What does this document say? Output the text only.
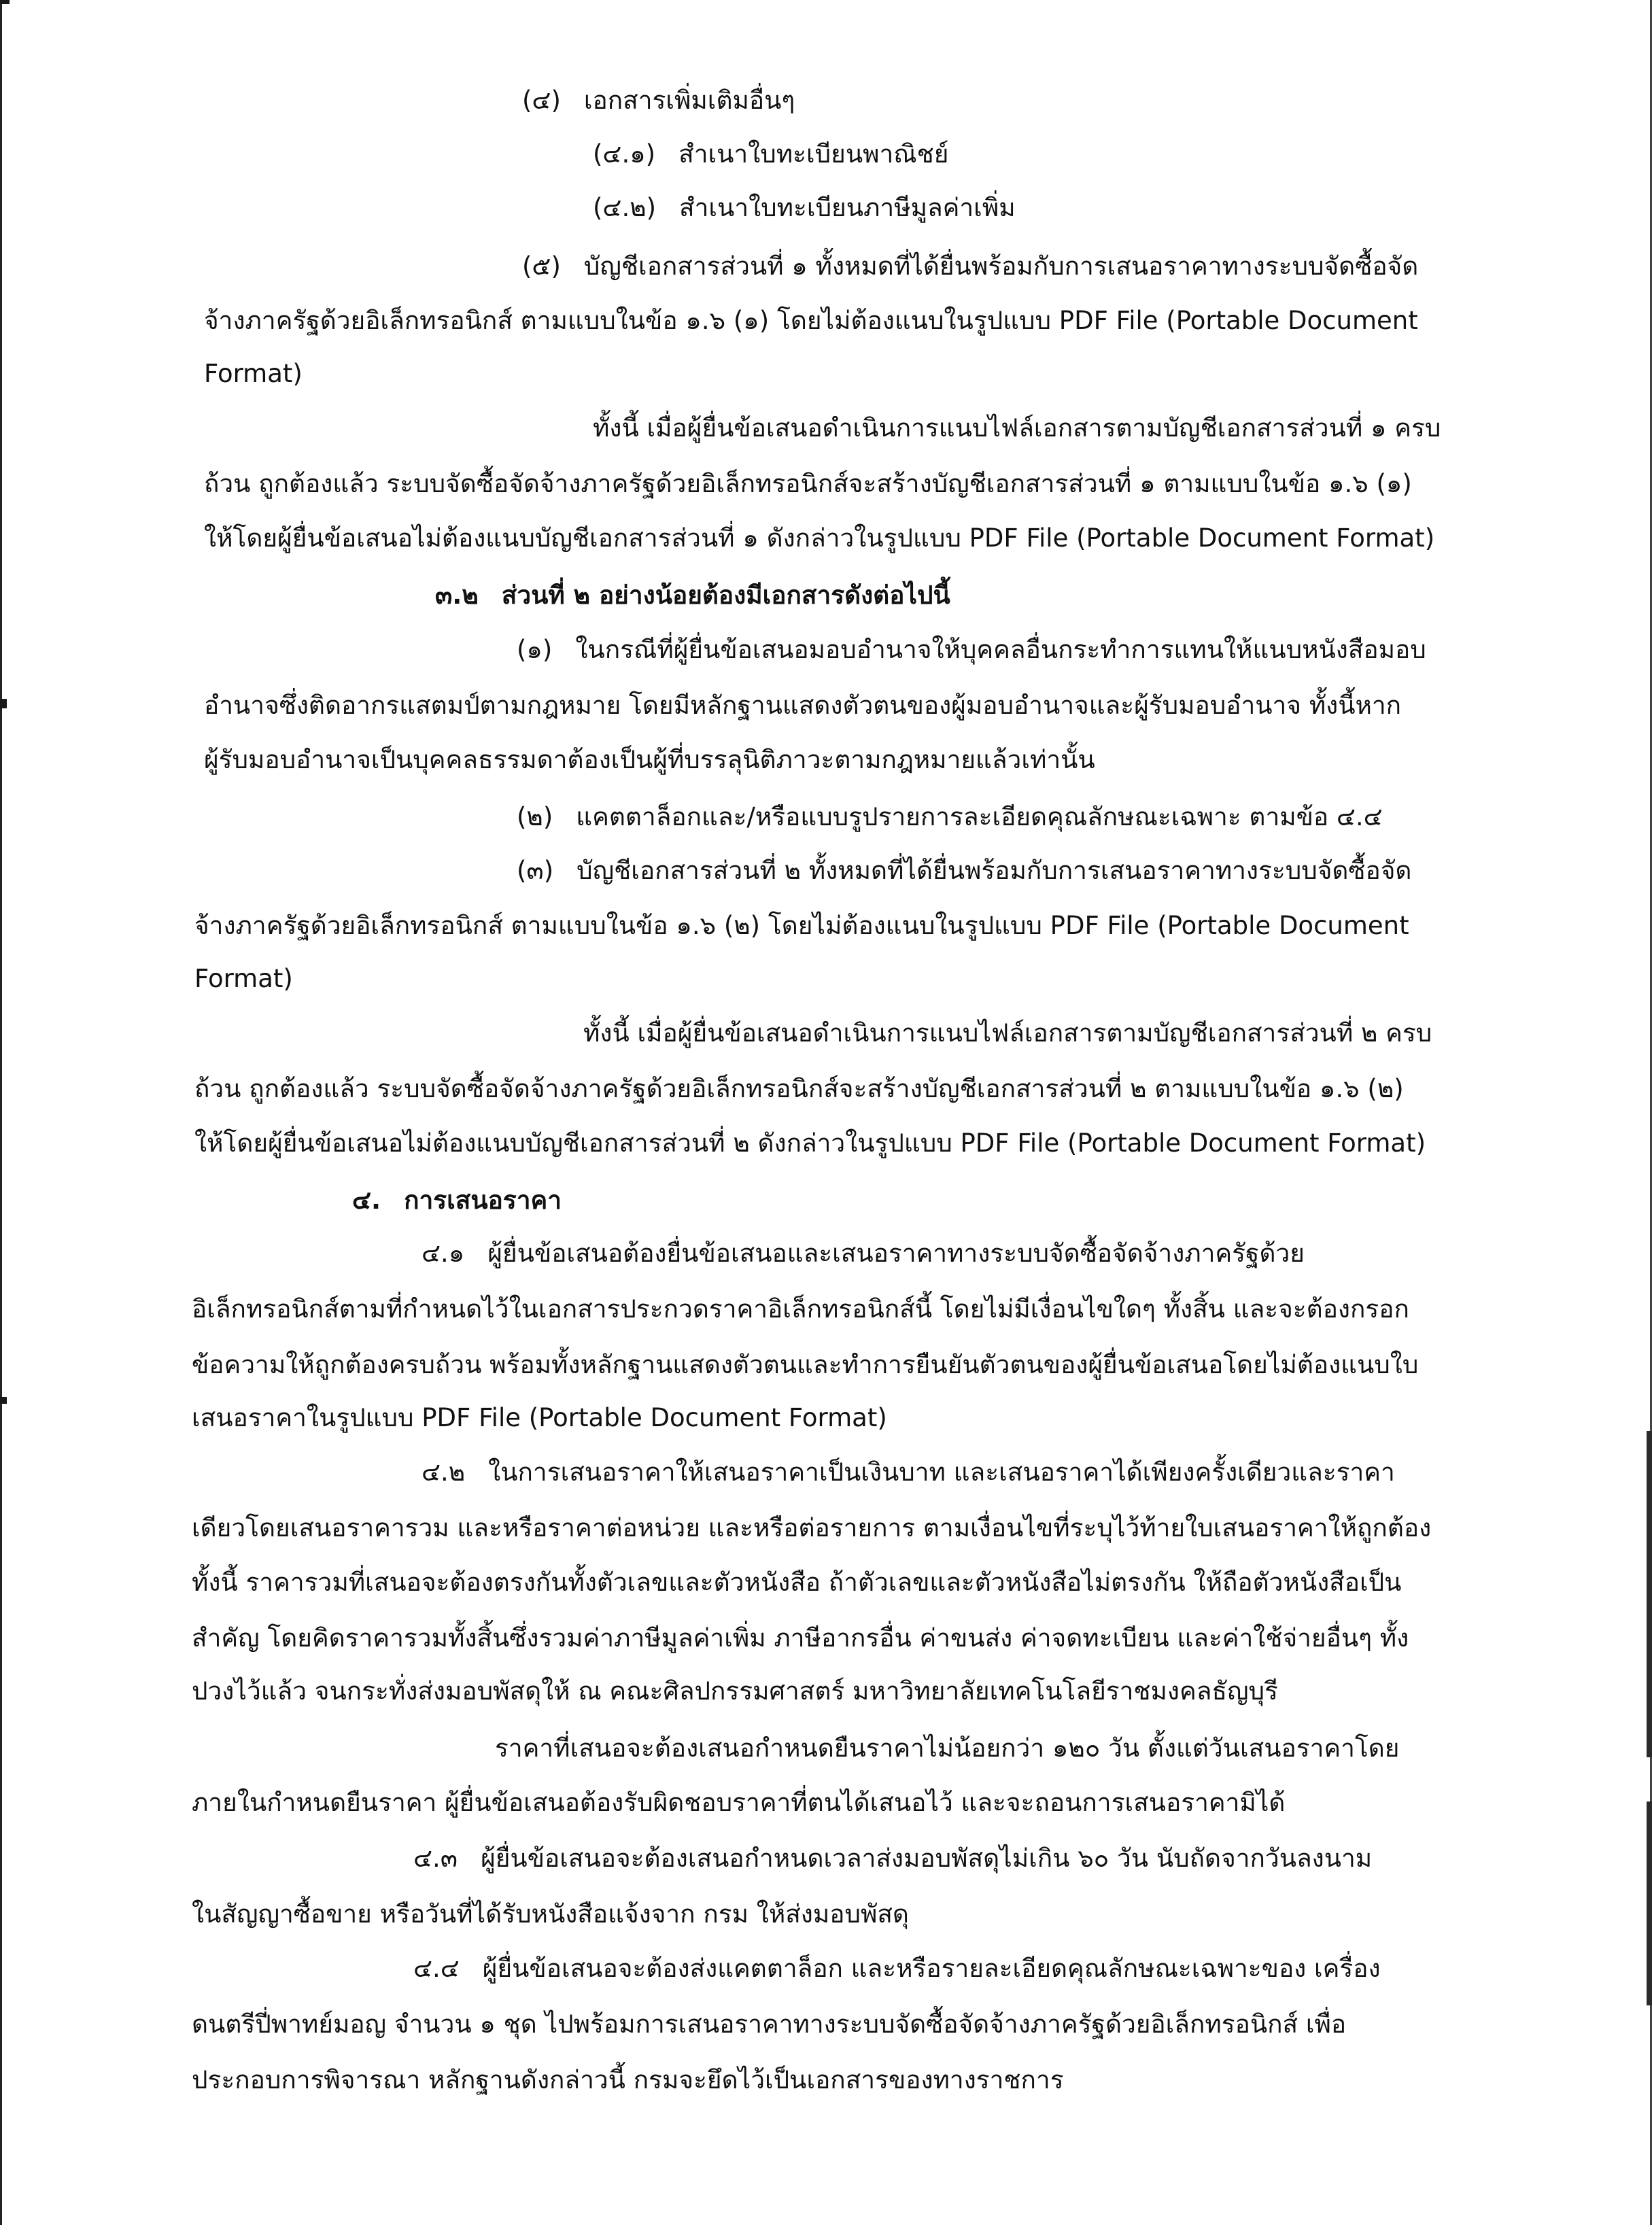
(๔) เอกสารเพิ่มเติมอื่นๆ
(๔.๑) สำเนาใบทะเบียนพาณิชย์
(๔.๒) สำเนาใบทะเบียนภาษีมูลค่าเพิ่ม
(๕) บัญชีเอกสารส่วนที่ ๑ ทั้งหมดที่ได้ยื่นพร้อมกับการเสนอราคาทางระบบจัดซื้อจัด
จ้างภาครัฐด้วยอิเล็กทรอนิกส์ ตามแบบในข้อ ๑.๖ (๑) โดยไม่ต้องแนบในรูปแบบ PDF File (Portable Document
Format)
ทั้งนี้ เมื่อผู้ยื่นข้อเสนอดำเนินการแนบไฟล์เอกสารตามบัญชีเอกสารส่วนที่ ๑ ครบ
ถ้วน ถูกต้องแล้ว ระบบจัดซื้อจัดจ้างภาครัฐด้วยอิเล็กทรอนิกส์จะสร้างบัญชีเอกสารส่วนที่ ๑ ตามแบบในข้อ ๑.๖ (๑)
ให้โดยผู้ยื่นข้อเสนอไม่ต้องแนบบัญชีเอกสารส่วนที่ ๑ ดังกล่าวในรูปแบบ PDF File (Portable Document Format)
๓.๒ ส่วนที่ ๒ อย่างน้อยต้องมีเอกสารดังต่อไปนี้
(๑) ในกรณีที่ผู้ยื่นข้อเสนอมอบอำนาจให้บุคคลอื่นกระทำการแทนให้แนบหนังสือมอบ
อำนาจซึ่งติดอากรแสตมป์ตามกฎหมาย โดยมีหลักฐานแสดงตัวตนของผู้มอบอำนาจและผู้รับมอบอำนาจ ทั้งนี้หาก
ผู้รับมอบอำนาจเป็นบุคคลธรรมดาต้องเป็นผู้ที่บรรลุนิติภาวะตามกฎหมายแล้วเท่านั้น
(๒) แคตตาล็อกและ/หรือแบบรูปรายการละเอียดคุณลักษณะเฉพาะ ตามข้อ ๔.๔
(๓) บัญชีเอกสารส่วนที่ ๒ ทั้งหมดที่ได้ยื่นพร้อมกับการเสนอราคาทางระบบจัดซื้อจัด
จ้างภาครัฐด้วยอิเล็กทรอนิกส์ ตามแบบในข้อ ๑.๖ (๒) โดยไม่ต้องแนบในรูปแบบ PDF File (Portable Document
Format)
ทั้งนี้ เมื่อผู้ยื่นข้อเสนอดำเนินการแนบไฟล์เอกสารตามบัญชีเอกสารส่วนที่ ๒ ครบ
ถ้วน ถูกต้องแล้ว ระบบจัดซื้อจัดจ้างภาครัฐด้วยอิเล็กทรอนิกส์จะสร้างบัญชีเอกสารส่วนที่ ๒ ตามแบบในข้อ ๑.๖ (๒)
ให้โดยผู้ยื่นข้อเสนอไม่ต้องแนบบัญชีเอกสารส่วนที่ ๒ ดังกล่าวในรูปแบบ PDF File (Portable Document Format)
๔. การเสนอราคา
๔.๑ ผู้ยื่นข้อเสนอต้องยื่นข้อเสนอและเสนอราคาทางระบบจัดซื้อจัดจ้างภาครัฐด้วย
อิเล็กทรอนิกส์ตามที่กำหนดไว้ในเอกสารประกวดราคาอิเล็กทรอนิกส์นี้ โดยไม่มีเงื่อนไขใดๆ ทั้งสิ้น และจะต้องกรอก
ข้อความให้ถูกต้องครบถ้วน พร้อมทั้งหลักฐานแสดงตัวตนและทำการยืนยันตัวตนของผู้ยื่นข้อเสนอโดยไม่ต้องแนบใบ
เสนอราคาในรูปแบบ PDF File (Portable Document Format)
๔.๒ ในการเสนอราคาให้เสนอราคาเป็นเงินบาท และเสนอราคาได้เพียงครั้งเดียวและราคา
เดียวโดยเสนอราคารวม และหรือราคาต่อหน่วย และหรือต่อรายการ ตามเงื่อนไขที่ระบุไว้ท้ายใบเสนอราคาให้ถูกต้อง
ทั้งนี้ ราคารวมที่เสนอจะต้องตรงกันทั้งตัวเลขและตัวหนังสือ ถ้าตัวเลขและตัวหนังสือไม่ตรงกัน ให้ถือตัวหนังสือเป็น
สำคัญ โดยคิดราคารวมทั้งสิ้นซึ่งรวมค่าภาษีมูลค่าเพิ่ม ภาษีอากรอื่น ค่าขนส่ง ค่าจดทะเบียน และค่าใช้จ่ายอื่นๆ ทั้ง
ปวงไว้แล้ว จนกระทั่งส่งมอบพัสดุให้ ณ คณะศิลปกรรมศาสตร์ มหาวิทยาลัยเทคโนโลยีราชมงคลธัญบุรี
ราคาที่เสนอจะต้องเสนอกำหนดยืนราคาไม่น้อยกว่า ๑๒๐ วัน ตั้งแต่วันเสนอราคาโดย
ภายในกำหนดยืนราคา ผู้ยื่นข้อเสนอต้องรับผิดชอบราคาที่ตนได้เสนอไว้ และจะถอนการเสนอราคามิได้
๔.๓ ผู้ยื่นข้อเสนอจะต้องเสนอกำหนดเวลาส่งมอบพัสดุไม่เกิน ๖๐ วัน นับถัดจากวันลงนาม
ในสัญญาซื้อขาย หรือวันที่ได้รับหนังสือแจ้งจาก กรม ให้ส่งมอบพัสดุ
๔.๔ ผู้ยื่นข้อเสนอจะต้องส่งแคตตาล็อก และหรือรายละเอียดคุณลักษณะเฉพาะของ เครื่อง
ดนตรีปี่พาทย์มอญ จำนวน ๑ ชุด ไปพร้อมการเสนอราคาทางระบบจัดซื้อจัดจ้างภาครัฐด้วยอิเล็กทรอนิกส์ เพื่อ
ประกอบการพิจารณา หลักฐานดังกล่าวนี้ กรมจะยึดไว้เป็นเอกสารของทางราชการ
